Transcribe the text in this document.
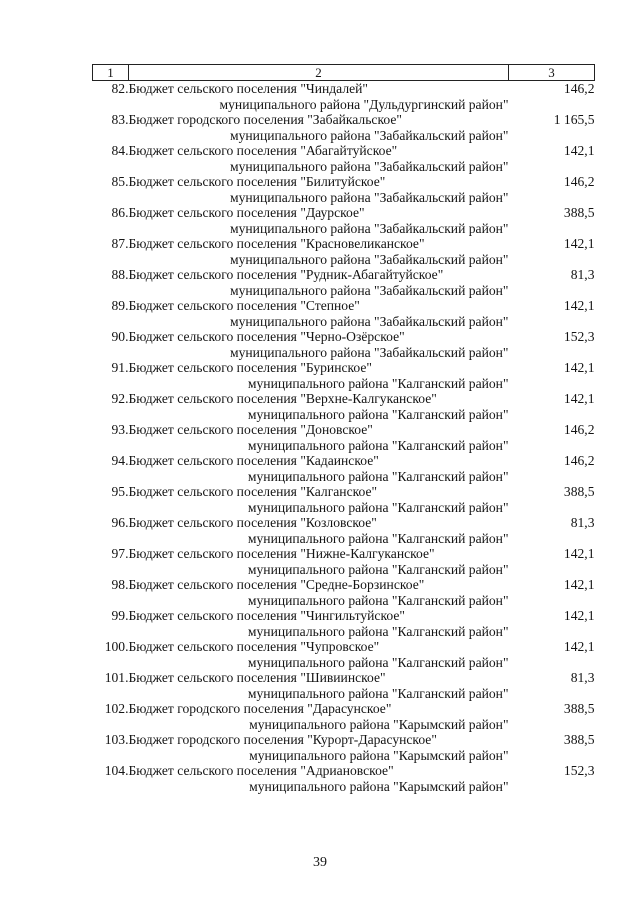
1	2	3
82.	Бюджет сельского поселения "Чиндалей"
муниципального района "Дульдургинский район"	146,2
83.	Бюджет городского поселения "Забайкальское"
муниципального района "Забайкальский район"	1 165,5
84.	Бюджет сельского поселения "Абагайтуйское"
муниципального района "Забайкальский район"	142,1
85.	Бюджет сельского поселения "Билитуйское"
муниципального района "Забайкальский район"	146,2
86.	Бюджет сельского поселения "Даурское"
муниципального района "Забайкальский район"	388,5
87.	Бюджет сельского поселения "Красновеликанское"
муниципального района "Забайкальский район"	142,1
88.	Бюджет сельского поселения "Рудник-Абагайтуйское"
муниципального района "Забайкальский район"	81,3
89.	Бюджет сельского поселения "Степное"
муниципального района "Забайкальский район"	142,1
90.	Бюджет сельского поселения "Черно-Озёрское"
муниципального района "Забайкальский район"	152,3
91.	Бюджет сельского поселения "Буринское"
муниципального района "Калганский район"	142,1
92.	Бюджет сельского поселения "Верхне-Калгуканское"
муниципального района "Калганский район"	142,1
93.	Бюджет сельского поселения "Доновское"
муниципального района "Калганский район"	146,2
94.	Бюджет сельского поселения "Кадаинское"
муниципального района "Калганский район"	146,2
95.	Бюджет сельского поселения "Калганское"
муниципального района "Калганский район"	388,5
96.	Бюджет сельского поселения "Козловское"
муниципального района "Калганский район"	81,3
97.	Бюджет сельского поселения "Нижне-Калгуканское"
муниципального района "Калганский район"	142,1
98.	Бюджет сельского поселения "Средне-Борзинское"
муниципального района "Калганский район"	142,1
99.	Бюджет сельского поселения "Чингильтуйское"
муниципального района "Калганский район"	142,1
100.	Бюджет сельского поселения "Чупровское"
муниципального района "Калганский район"	142,1
101.	Бюджет сельского поселения "Шивиинское"
муниципального района "Калганский район"	81,3
102.	Бюджет городского поселения "Дарасунское"
муниципального района "Карымский район"	388,5
103.	Бюджет городского поселения "Курорт-Дарасунское"
муниципального района "Карымский район"	388,5
104.	Бюджет сельского поселения "Адриановское"
муниципального района "Карымский район"	152,3
39
